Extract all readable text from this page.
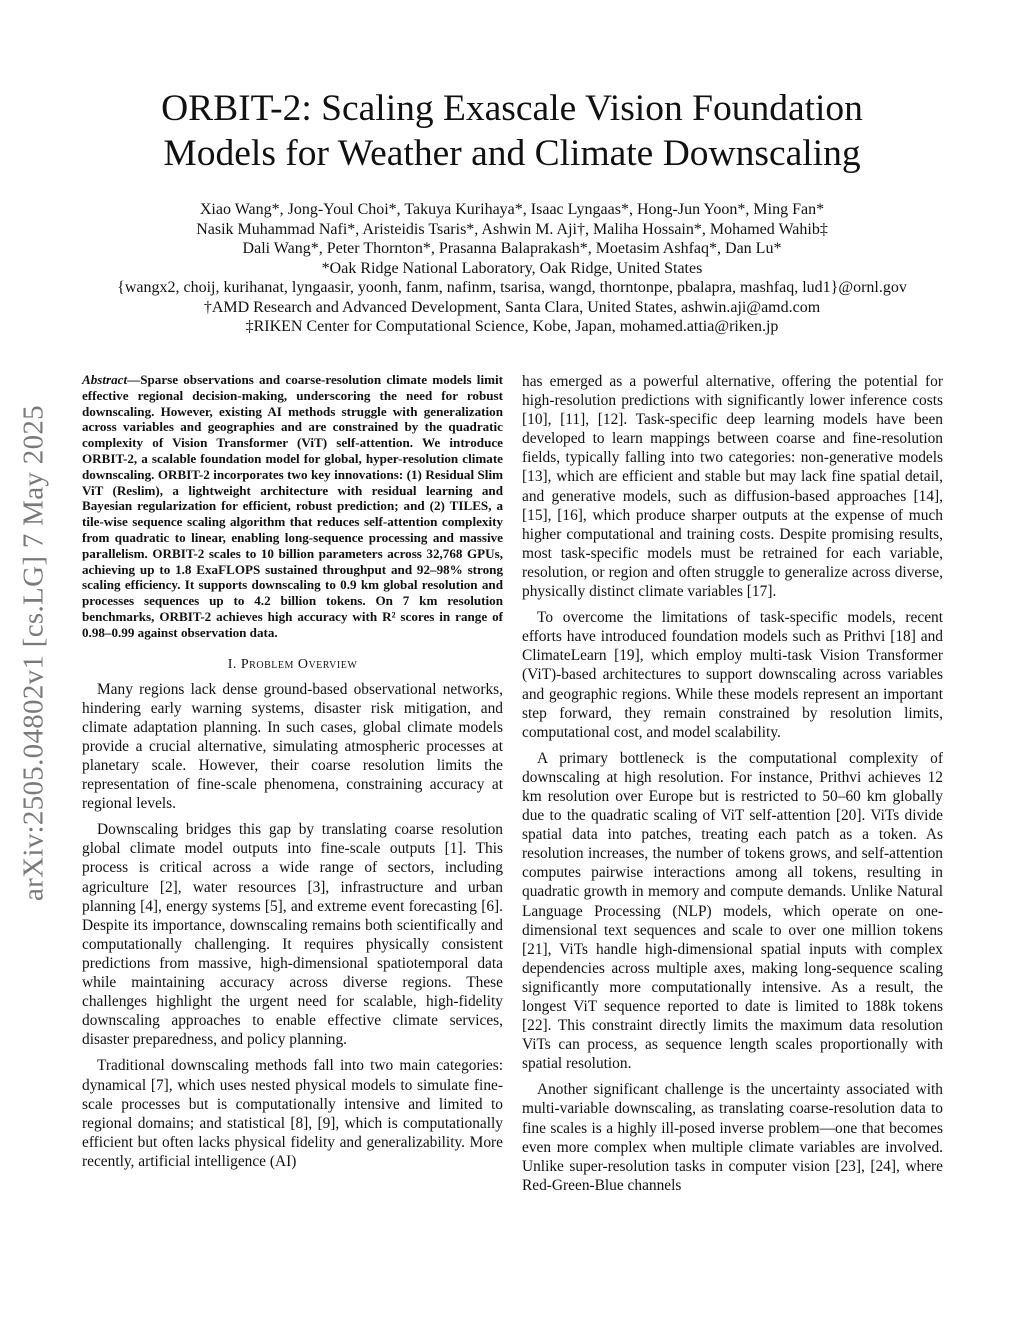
arXiv:2505.04802v1 [cs.LG] 7 May 2025
ORBIT-2: Scaling Exascale Vision Foundation
Models for Weather and Climate Downscaling
Xiao Wang*, Jong-Youl Choi*, Takuya Kurihaya*, Isaac Lyngaas*, Hong-Jun Yoon*, Ming Fan*
Nasik Muhammad Nafi*, Aristeidis Tsaris*, Ashwin M. Aji†, Maliha Hossain*, Mohamed Wahib‡
Dali Wang*, Peter Thornton*, Prasanna Balaprakash*, Moetasim Ashfaq*, Dan Lu*
*Oak Ridge National Laboratory, Oak Ridge, United States
{wangx2, choij, kurihanat, lyngaasir, yoonh, fanm, nafinm, tsarisa, wangd, thorntonpe, pbalapra, mashfaq, lud1}@ornl.gov
†AMD Research and Advanced Development, Santa Clara, United States, ashwin.aji@amd.com
‡RIKEN Center for Computational Science, Kobe, Japan, mohamed.attia@riken.jp

Abstract—Sparse observations and coarse-resolution climate models limit effective regional decision-making, underscoring the need for robust downscaling. However, existing AI methods struggle with generalization across variables and geographies and are constrained by the quadratic complexity of Vision Transformer (ViT) self-attention. We introduce ORBIT-2, a scalable foundation model for global, hyper-resolution climate downscaling. ORBIT-2 incorporates two key innovations: (1) Residual Slim ViT (Reslim), a lightweight architecture with residual learning and Bayesian regularization for efficient, robust prediction; and (2) TILES, a tile-wise sequence scaling algorithm that reduces self-attention complexity from quadratic to linear, enabling long-sequence processing and massive parallelism. ORBIT-2 scales to 10 billion parameters across 32,768 GPUs, achieving up to 1.8 ExaFLOPS sustained throughput and 92–98% strong scaling efficiency. It supports downscaling to 0.9 km global resolution and processes sequences up to 4.2 billion tokens. On 7 km resolution benchmarks, ORBIT-2 achieves high accuracy with R² scores in range of 0.98–0.99 against observation data.

I. Problem Overview

Many regions lack dense ground-based observational networks, hindering early warning systems, disaster risk mitigation, and climate adaptation planning. In such cases, global climate models provide a crucial alternative, simulating atmospheric processes at planetary scale. However, their coarse resolution limits the representation of fine-scale phenomena, constraining accuracy at regional levels.

Downscaling bridges this gap by translating coarse resolution global climate model outputs into fine-scale outputs [1]. This process is critical across a wide range of sectors, including agriculture [2], water resources [3], infrastructure and urban planning [4], energy systems [5], and extreme event forecasting [6]. Despite its importance, downscaling remains both scientifically and computationally challenging. It requires physically consistent predictions from massive, high-dimensional spatiotemporal data while maintaining accuracy across diverse regions. These challenges highlight the urgent need for scalable, high-fidelity downscaling approaches to enable effective climate services, disaster preparedness, and policy planning.

Traditional downscaling methods fall into two main categories: dynamical [7], which uses nested physical models to simulate fine-scale processes but is computationally intensive and limited to regional domains; and statistical [8], [9], which is computationally efficient but often lacks physical fidelity and generalizability. More recently, artificial intelligence (AI)

has emerged as a powerful alternative, offering the potential for high-resolution predictions with significantly lower inference costs [10], [11], [12]. Task-specific deep learning models have been developed to learn mappings between coarse and fine-resolution fields, typically falling into two categories: non-generative models [13], which are efficient and stable but may lack fine spatial detail, and generative models, such as diffusion-based approaches [14], [15], [16], which produce sharper outputs at the expense of much higher computational and training costs. Despite promising results, most task-specific models must be retrained for each variable, resolution, or region and often struggle to generalize across diverse, physically distinct climate variables [17].

To overcome the limitations of task-specific models, recent efforts have introduced foundation models such as Prithvi [18] and ClimateLearn [19], which employ multi-task Vision Transformer (ViT)-based architectures to support downscaling across variables and geographic regions. While these models represent an important step forward, they remain constrained by resolution limits, computational cost, and model scalability.

A primary bottleneck is the computational complexity of downscaling at high resolution. For instance, Prithvi achieves 12 km resolution over Europe but is restricted to 50–60 km globally due to the quadratic scaling of ViT self-attention [20]. ViTs divide spatial data into patches, treating each patch as a token. As resolution increases, the number of tokens grows, and self-attention computes pairwise interactions among all tokens, resulting in quadratic growth in memory and compute demands. Unlike Natural Language Processing (NLP) models, which operate on one-dimensional text sequences and scale to over one million tokens [21], ViTs handle high-dimensional spatial inputs with complex dependencies across multiple axes, making long-sequence scaling significantly more computationally intensive. As a result, the longest ViT sequence reported to date is limited to 188k tokens [22]. This constraint directly limits the maximum data resolution ViTs can process, as sequence length scales proportionally with spatial resolution.

Another significant challenge is the uncertainty associated with multi-variable downscaling, as translating coarse-resolution data to fine scales is a highly ill-posed inverse problem—one that becomes even more complex when multiple climate variables are involved. Unlike super-resolution tasks in computer vision [23], [24], where Red-Green-Blue channels
